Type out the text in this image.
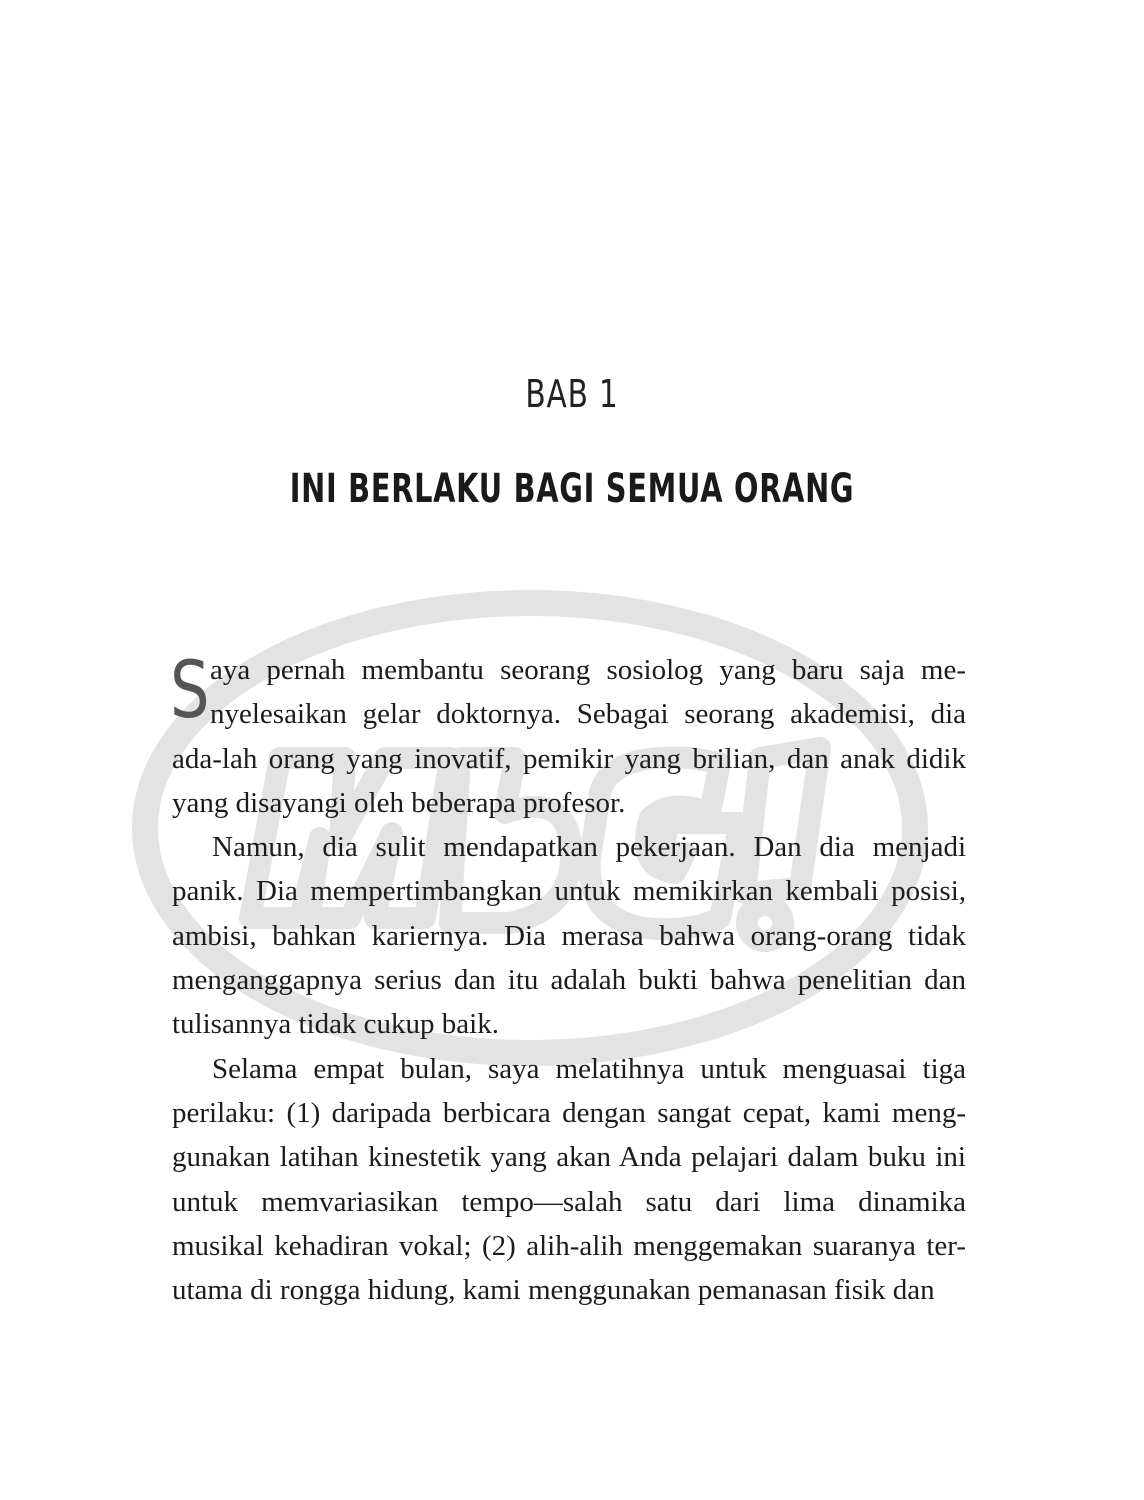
BAB 1
INI BERLAKU BAGI SEMUA ORANG

Saya pernah membantu seorang sosiolog yang baru saja me-nyelesaikan gelar doktornya. Sebagai seorang akademisi, dia ada-lah orang yang inovatif, pemikir yang brilian, dan anak didik yang disayangi oleh beberapa profesor.

Namun, dia sulit mendapatkan pekerjaan. Dan dia menjadi panik. Dia mempertimbangkan untuk memikirkan kembali posisi, ambisi, bahkan kariernya. Dia merasa bahwa orang-orang tidak menganggapnya serius dan itu adalah bukti bahwa penelitian dan tulisannya tidak cukup baik.

Selama empat bulan, saya melatihnya untuk menguasai tiga perilaku: (1) daripada berbicara dengan sangat cepat, kami meng-gunakan latihan kinestetik yang akan Anda pelajari dalam buku ini untuk memvariasikan tempo—salah satu dari lima dinamika musikal kehadiran vokal; (2) alih-alih menggemakan suaranya ter-utama di rongga hidung, kami menggunakan pemanasan fisik dan
